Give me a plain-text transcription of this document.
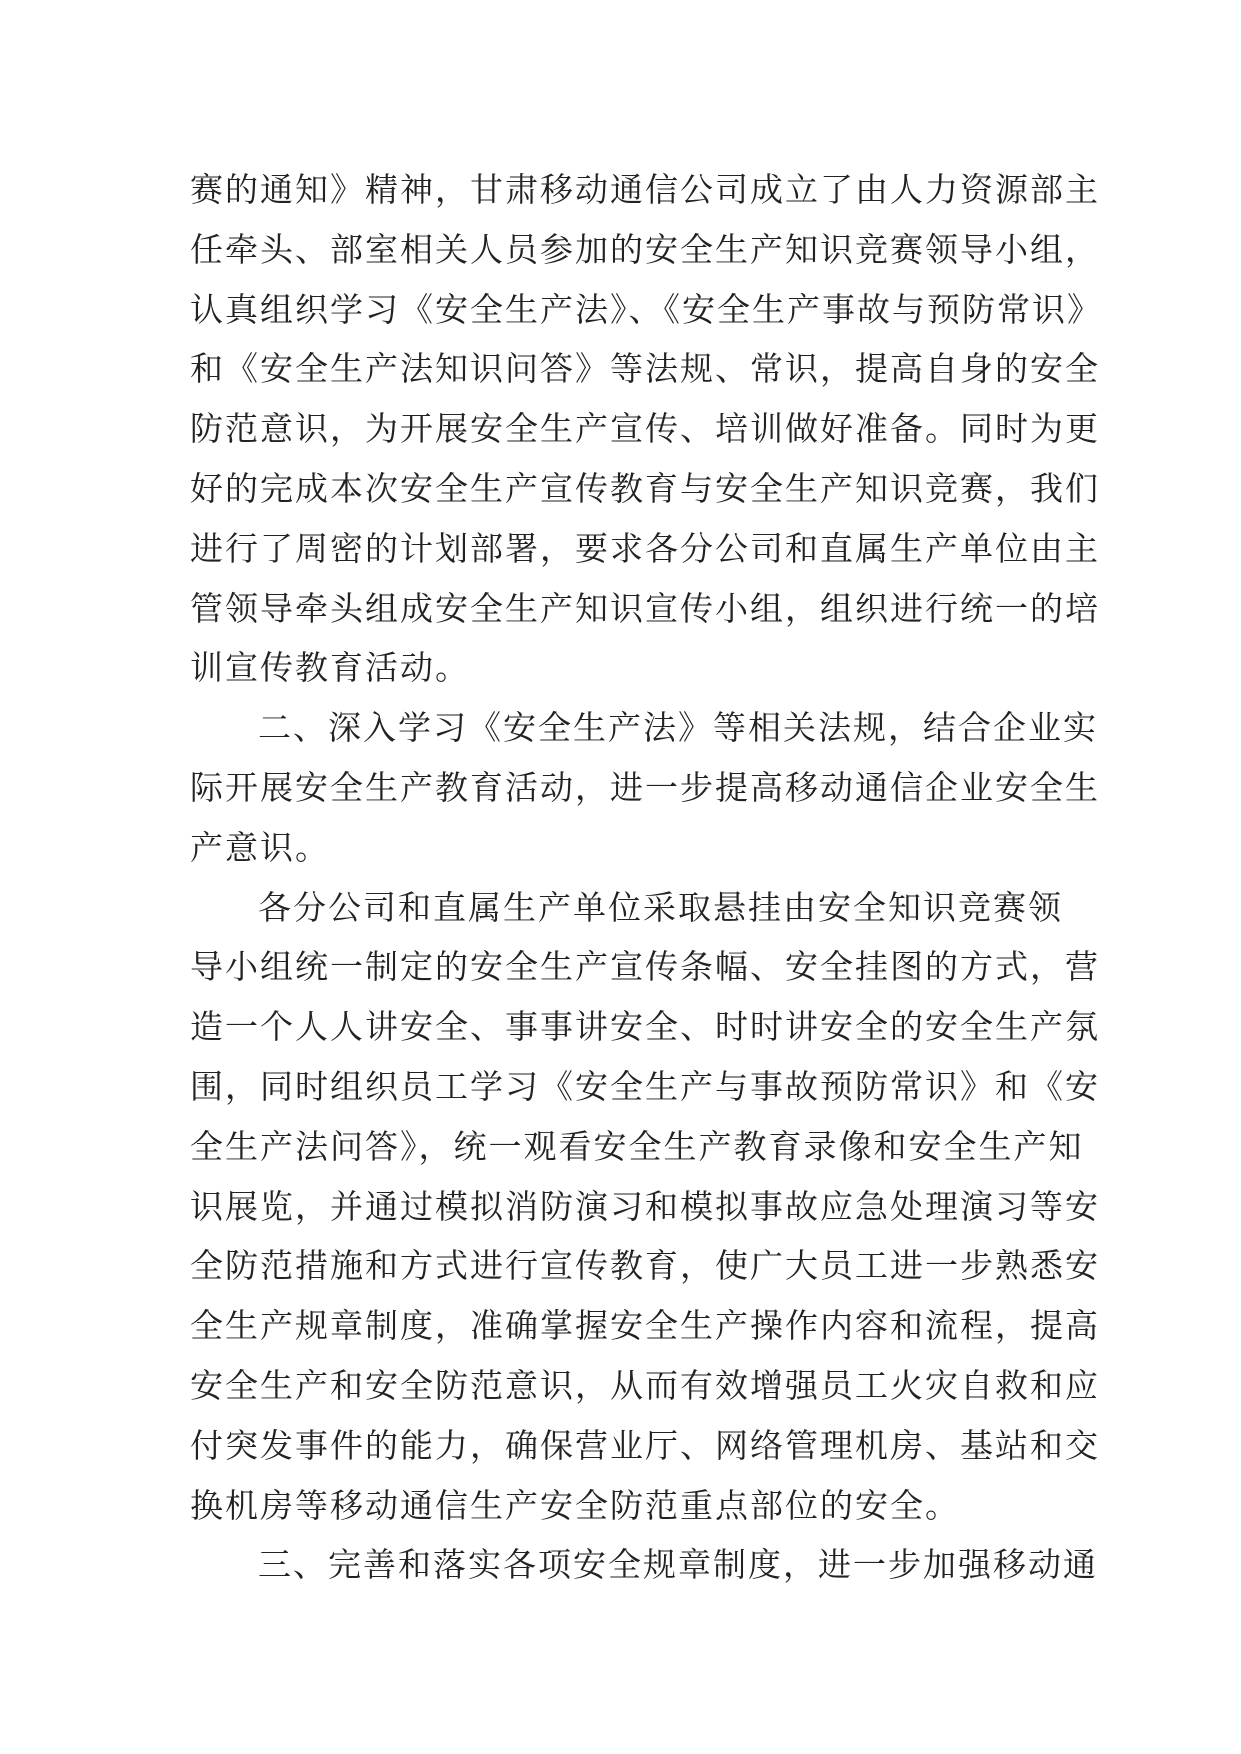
赛的通知》精神，甘肃移动通信公司成立了由人力资源部主
任牵头、部室相关人员参加的安全生产知识竞赛领导小组，
认真组织学习《安全生产法》、《安全生产事故与预防常识》
和《安全生产法知识问答》等法规、常识，提高自身的安全
防范意识，为开展安全生产宣传、培训做好准备。同时为更
好的完成本次安全生产宣传教育与安全生产知识竞赛，我们
进行了周密的计划部署，要求各分公司和直属生产单位由主
管领导牵头组成安全生产知识宣传小组，组织进行统一的培
训宣传教育活动。
二、深入学习《安全生产法》等相关法规，结合企业实
际开展安全生产教育活动，进一步提高移动通信企业安全生
产意识。
各分公司和直属生产单位采取悬挂由安全知识竞赛领
导小组统一制定的安全生产宣传条幅、安全挂图的方式，营
造一个人人讲安全、事事讲安全、时时讲安全的安全生产氛
围，同时组织员工学习《安全生产与事故预防常识》和《安
全生产法问答》，统一观看安全生产教育录像和安全生产知
识展览，并通过模拟消防演习和模拟事故应急处理演习等安
全防范措施和方式进行宣传教育，使广大员工进一步熟悉安
全生产规章制度，准确掌握安全生产操作内容和流程，提高
安全生产和安全防范意识，从而有效增强员工火灾自救和应
付突发事件的能力，确保营业厅、网络管理机房、基站和交
换机房等移动通信生产安全防范重点部位的安全。
三、完善和落实各项安全规章制度，进一步加强移动通
